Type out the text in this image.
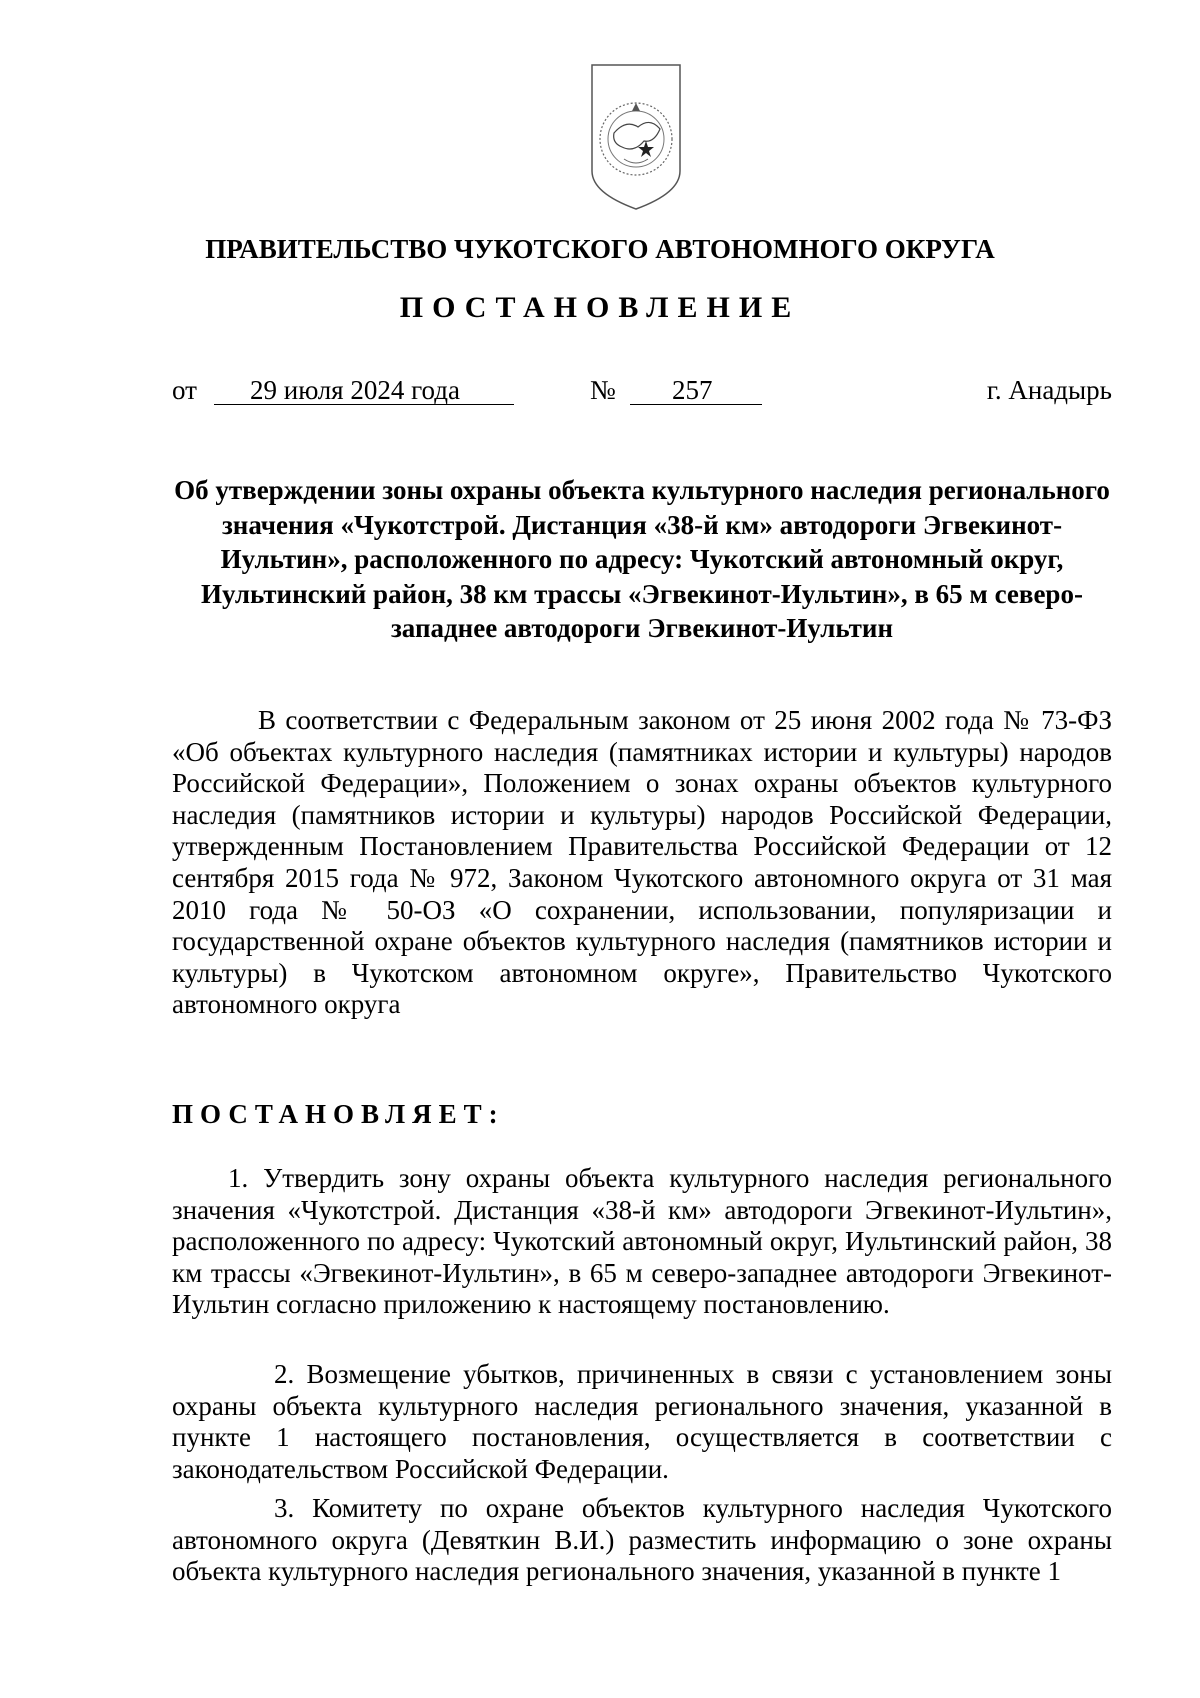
ПРАВИТЕЛЬСТВО ЧУКОТСКОГО АВТОНОМНОГО ОКРУГА
ПОСТАНОВЛЕНИЕ
от	29 июля 2024 года	№	257	г. Анадырь
Об утверждении зоны охраны объекта культурного наследия регионального значения «Чукотстрой. Дистанция «38-й км» автодороги Эгвекинот-Иультин», расположенного по адресу: Чукотский автономный округ, Иультинский район, 38 км трассы «Эгвекинот-Иультин», в 65 м северо-западнее автодороги Эгвекинот-Иультин
В соответствии с Федеральным законом от 25 июня 2002 года № 73-ФЗ «Об объектах культурного наследия (памятниках истории и культуры) народов Российской Федерации», Положением о зонах охраны объектов культурного наследия (памятников истории и культуры) народов Российской Федерации, утвержденным Постановлением Правительства Российской Федерации от 12 сентября 2015 года № 972, Законом Чукотского автономного округа от 31 мая 2010 года № 50-ОЗ «О сохранении, использовании, популяризации и государственной охране объектов культурного наследия (памятников истории и культуры) в Чукотском автономном округе», Правительство Чукотского автономного округа
ПОСТАНОВЛЯЕТ:
1. Утвердить зону охраны объекта культурного наследия регионального значения «Чукотстрой. Дистанция «38-й км» автодороги Эгвекинот-Иультин», расположенного по адресу: Чукотский автономный округ, Иультинский район, 38 км трассы «Эгвекинот-Иультин», в 65 м северо-западнее автодороги Эгвекинот-Иультин согласно приложению к настоящему постановлению.
2. Возмещение убытков, причиненных в связи с установлением зоны охраны объекта культурного наследия регионального значения, указанной в пункте 1 настоящего постановления, осуществляется в соответствии с законодательством Российской Федерации.
3. Комитету по охране объектов культурного наследия Чукотского автономного округа (Девяткин В.И.) разместить информацию о зоне охраны объекта культурного наследия регионального значения, указанной в пункте 1
